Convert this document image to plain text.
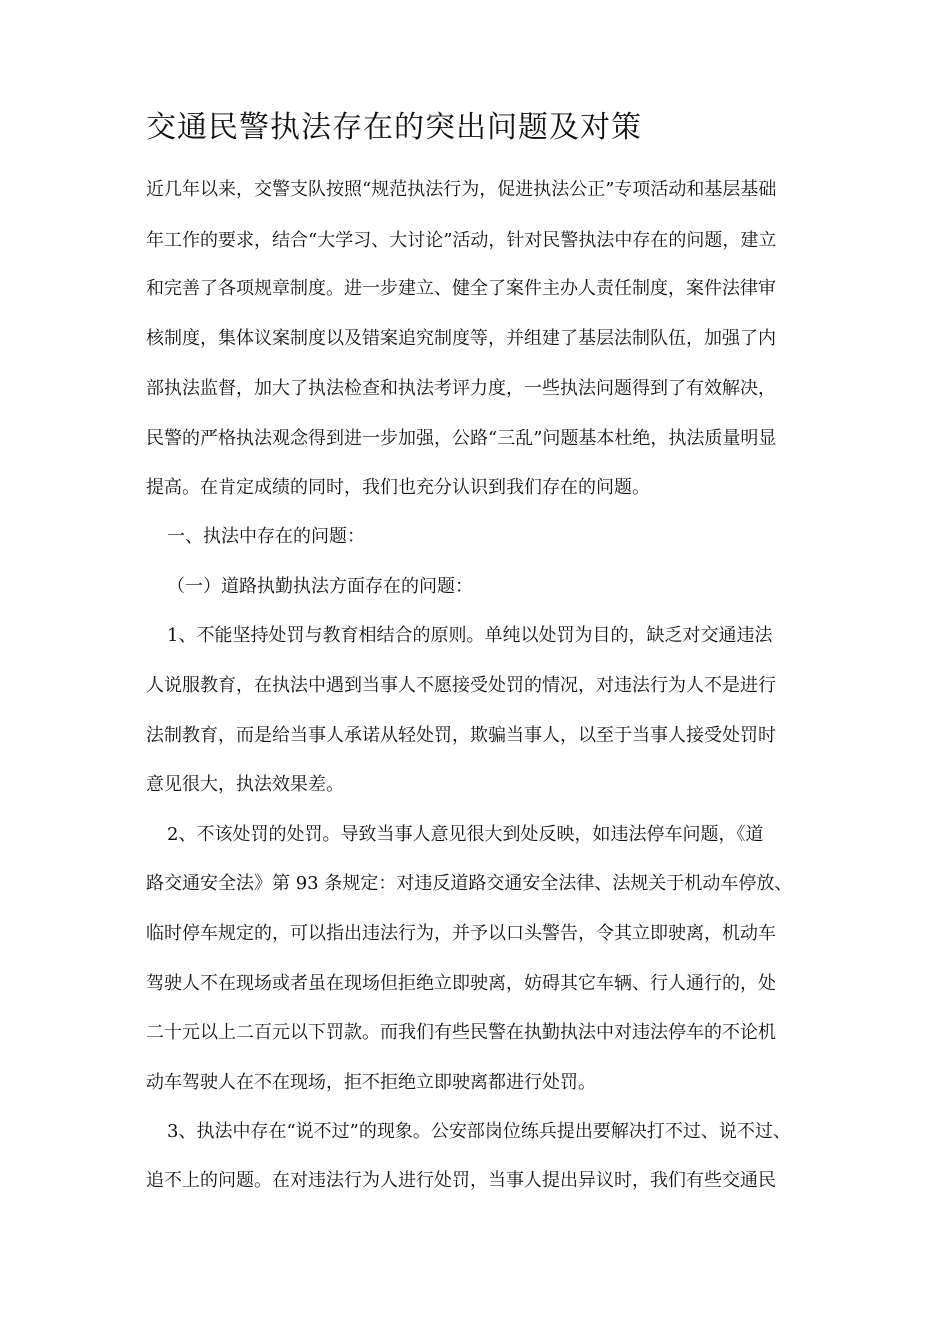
交通民警执法存在的突出问题及对策
近几年以来，交警支队按照“规范执法行为，促进执法公正”专项活动和基层基础
年工作的要求，结合“大学习、大讨论”活动，针对民警执法中存在的问题，建立
和完善了各项规章制度。进一步建立、健全了案件主办人责任制度，案件法律审
核制度，集体议案制度以及错案追究制度等，并组建了基层法制队伍，加强了内
部执法监督，加大了执法检查和执法考评力度，一些执法问题得到了有效解决，
民警的严格执法观念得到进一步加强，公路“三乱”问题基本杜绝，执法质量明显
提高。在肯定成绩的同时，我们也充分认识到我们存在的问题。
一、执法中存在的问题：
（一）道路执勤执法方面存在的问题：
1、不能坚持处罚与教育相结合的原则。单纯以处罚为目的，缺乏对交通违法
人说服教育，在执法中遇到当事人不愿接受处罚的情况，对违法行为人不是进行
法制教育，而是给当事人承诺从轻处罚，欺骗当事人，以至于当事人接受处罚时
意见很大，执法效果差。
2、不该处罚的处罚。导致当事人意见很大到处反映，如违法停车问题，《道
路交通安全法》第 93 条规定：对违反道路交通安全法律、法规关于机动车停放、
临时停车规定的，可以指出违法行为，并予以口头警告，令其立即驶离，机动车
驾驶人不在现场或者虽在现场但拒绝立即驶离，妨碍其它车辆、行人通行的，处
二十元以上二百元以下罚款。而我们有些民警在执勤执法中对违法停车的不论机
动车驾驶人在不在现场，拒不拒绝立即驶离都进行处罚。
3、执法中存在“说不过”的现象。公安部岗位练兵提出要解决打不过、说不过、
追不上的问题。在对违法行为人进行处罚，当事人提出异议时，我们有些交通民
